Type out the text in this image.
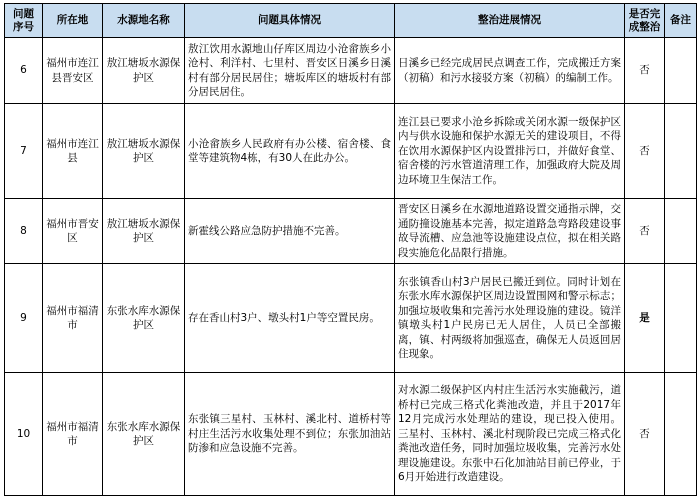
问题序号	所在地	水源地名称	问题具体情况	整治进展情况	是否完成整治	备注
6	福州市连江县晋安区	敖江塘坂水源保护区	敖江饮用水源地山仔库区周边小沧畲族乡小沧村、利洋村、七里村、晋安区日溪乡日溪村有部分居民居住；塘坂库区的塘坂村有部分居民居住。	日溪乡已经完成居民点调查工作，完成搬迁方案（初稿）和污水接驳方案（初稿）的编制工作。	否	
7	福州市连江县	敖江塘坂水源保护区	小沧畲族乡人民政府有办公楼、宿舍楼、食堂等建筑物4栋，有30人在此办公。	连江县已要求小沧乡拆除或关闭水源一级保护区内与供水设施和保护水源无关的建设项目，不得在饮用水源保护区内设置排污口，并做好食堂、宿舍楼的污水管道清理工作，加强政府大院及周边环境卫生保洁工作。	否	
8	福州市晋安区	敖江塘坂水源保护区	新霍线公路应急防护措施不完善。	晋安区日溪乡在水源地道路设置交通指示牌，交通防撞设施基本完善，拟定道路急弯路段建设事故导流槽、应急池等设施建设点位，拟在相关路段实施危化品限行措施。	否	
9	福州市福清市	东张水库水源保护区	存在香山村3户、墩头村1户等空置民房。	东张镇香山村3户居民已搬迁到位。同时计划在东张水库水源保护区周边设置围网和警示标志；加强垃圾收集和完善污水处理设施的建设。镜洋镇墩头村1户民房已无人居住，人员已全部搬离，镇、村两级将加强巡查，确保无人员返回居住现象。	是	
10	福州市福清市	东张水库水源保护区	东张镇三星村、玉林村、溪北村、道桥村等村庄生活污水收集处理不到位；东张加油站防渗和应急设施不完善。	对水源二级保护区内村庄生活污水实施截污，道桥村已完成三格式化粪池改造，并且于2017年12月完成污水处理站的建设，现已投入使用。三星村、玉林村、溪北村现阶段已完成三格式化粪池改造任务，同时加强垃圾收集，完善污水处理设施建设。东张中石化加油站目前已停业，于6月开始进行改造建设。	否	
